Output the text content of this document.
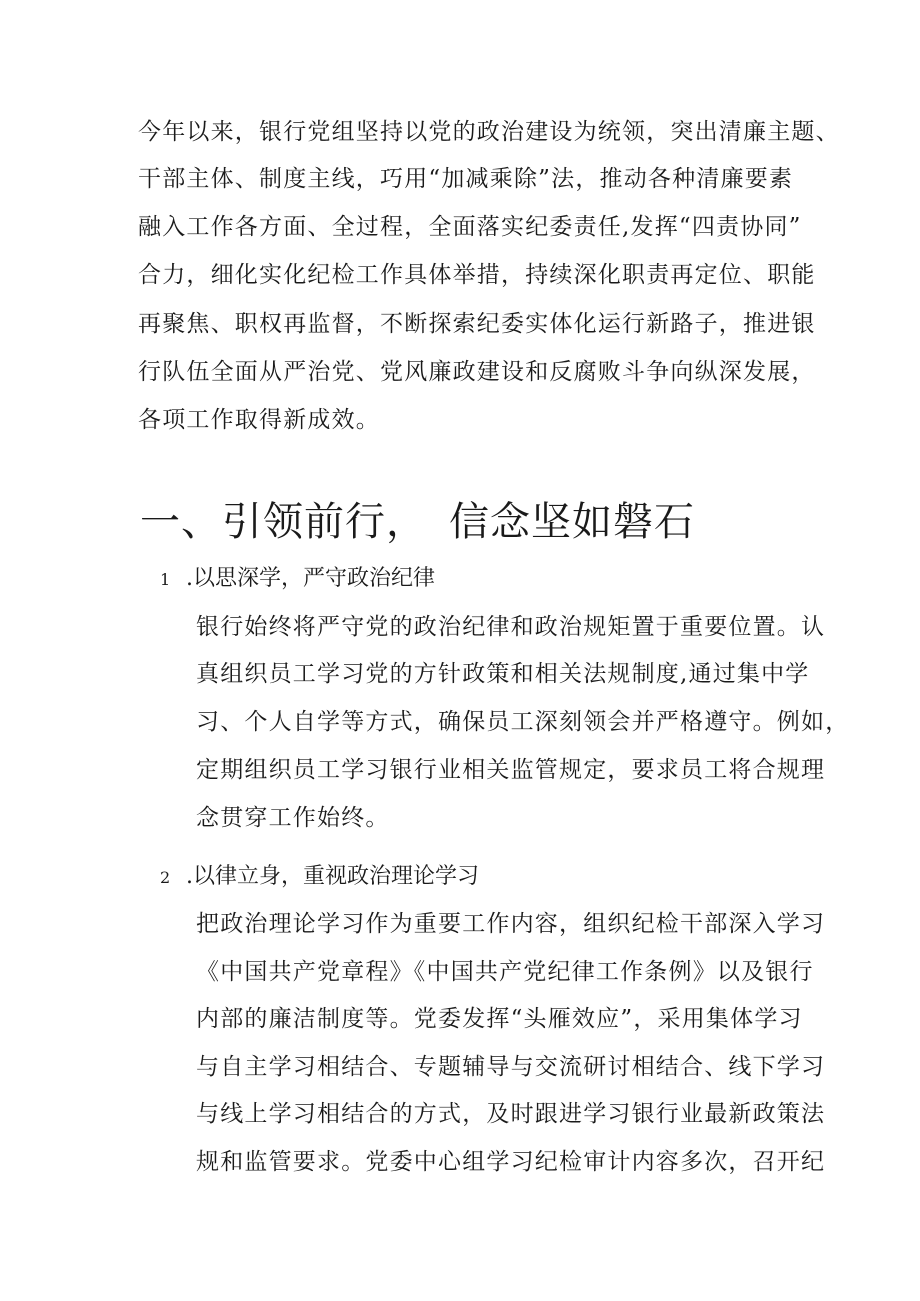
今年以来，银行党组坚持以党的政治建设为统领，突出清廉主题、
干部主体、制度主线，巧用“加减乘除”法，推动各种清廉要素
融入工作各方面、全过程，全面落实纪委责任,发挥“四责协同”
合力，细化实化纪检工作具体举措，持续深化职责再定位、职能
再聚焦、职权再监督，不断探索纪委实体化运行新路子，推进银
行队伍全面从严治党、党风廉政建设和反腐败斗争向纵深发展，
各项工作取得新成效。
一、引领前行， 信念坚如磐石
1 .以思深学，严守政治纪律
银行始终将严守党的政治纪律和政治规矩置于重要位置。认
真组织员工学习党的方针政策和相关法规制度,通过集中学
习、个人自学等方式，确保员工深刻领会并严格遵守。例如，
定期组织员工学习银行业相关监管规定，要求员工将合规理
念贯穿工作始终。
2 .以律立身，重视政治理论学习
把政治理论学习作为重要工作内容，组织纪检干部深入学习
《中国共产党章程》《中国共产党纪律工作条例》以及银行
内部的廉洁制度等。党委发挥“头雁效应”，采用集体学习
与自主学习相结合、专题辅导与交流研讨相结合、线下学习
与线上学习相结合的方式，及时跟进学习银行业最新政策法
规和监管要求。党委中心组学习纪检审计内容多次，召开纪
